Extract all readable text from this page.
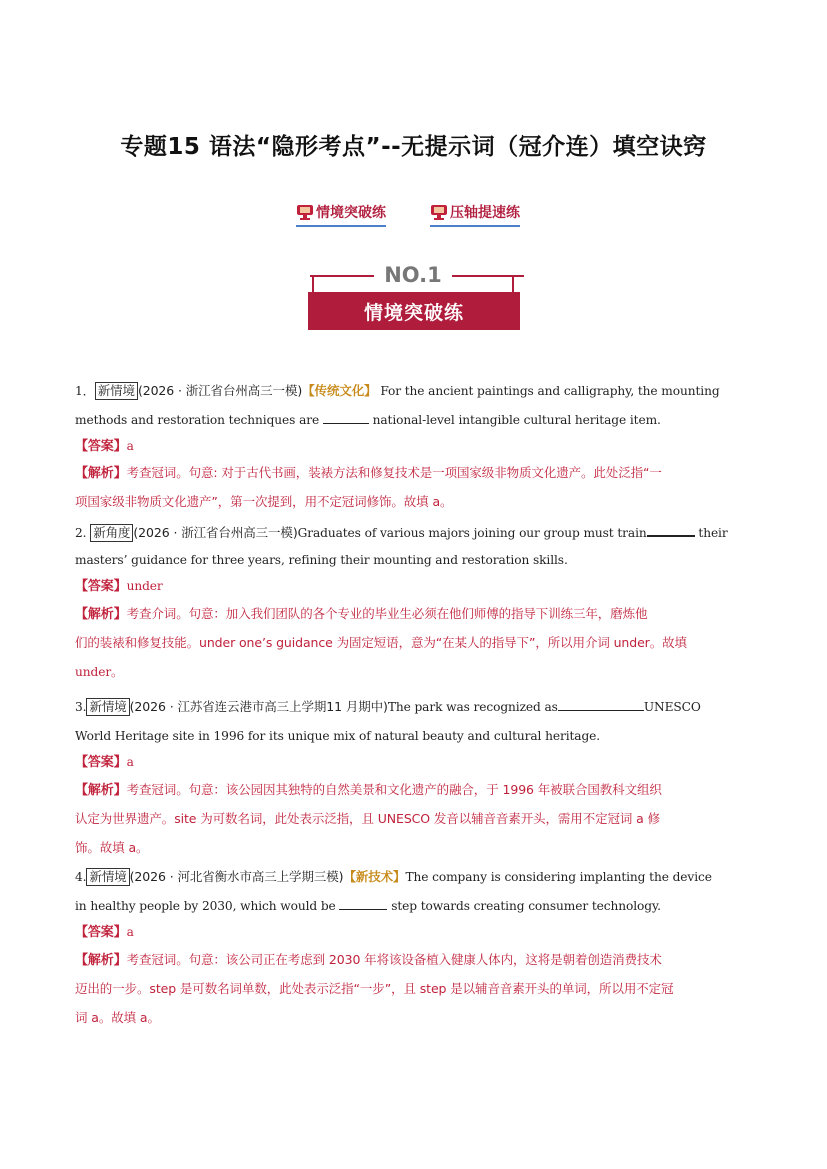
专题15 语法“隐形考点”--无提示词（冠介连）填空诀窍
情境突破练	压轴提速练
NO.1
情境突破练
1． 新情境 (2026 · 浙江省台州高三一模)【传统文化】 For the ancient paintings and calligraphy, the mounting
methods and restoration techniques are	national-level intangible cultural heritage item.
【答案】a
【解析】考查冠词。句意: 对于古代书画，装裱方法和修复技术是一项国家级非物质文化遗产。此处泛指“一
项国家级非物质文化遗产”，第一次提到，用不定冠词修饰。故填 a。
2. 新角度 (2026 · 浙江省台州高三一模)Graduates of various majors joining our group must train	their
masters’ guidance for three years, refining their mounting and restoration skills.
【答案】under
【解析】考查介词。句意：加入我们团队的各个专业的毕业生必须在他们师傅的指导下训练三年，磨炼他
们的装裱和修复技能。under one’s guidance 为固定短语，意为“在某人的指导下”，所以用介词 under。故填
under。
3. 新情境 (2026 · 江苏省连云港市高三上学期11 月期中)The park was recognized as	UNESCO
World Heritage site in 1996 for its unique mix of natural beauty and cultural heritage.
【答案】a
【解析】考查冠词。句意：该公园因其独特的自然美景和文化遗产的融合，于 1996 年被联合国教科文组织
认定为世界遗产。site 为可数名词，此处表示泛指，且 UNESCO 发音以辅音音素开头，需用不定冠词 a 修
饰。故填 a。
4. 新情境 (2026 · 河北省衡水市高三上学期三模)【新技术】The company is considering implanting the device
in healthy people by 2030, which would be	step towards creating consumer technology.
【答案】a
【解析】考查冠词。句意：该公司正在考虑到 2030 年将该设备植入健康人体内，这将是朝着创造消费技术
迈出的一步。step 是可数名词单数，此处表示泛指“一步”，且 step 是以辅音音素开头的单词，所以用不定冠
词 a。故填 a。
